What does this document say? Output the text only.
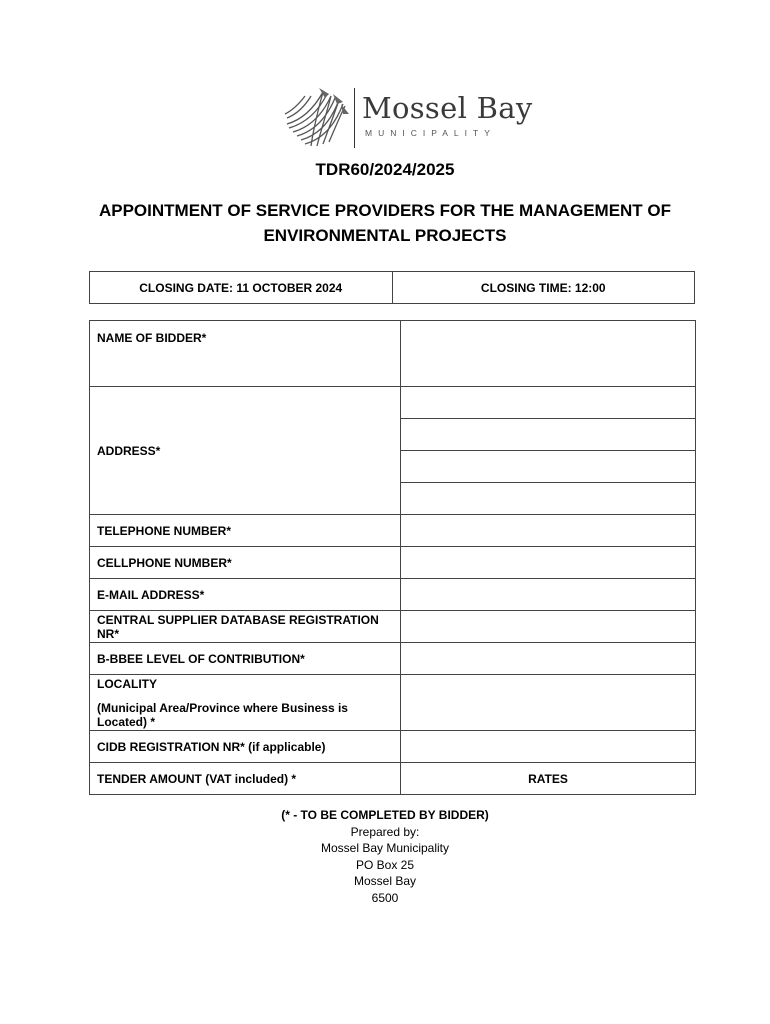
Mossel Bay
MUNICIPALITY
TDR60/2024/2025
APPOINTMENT OF SERVICE PROVIDERS FOR THE MANAGEMENT OF ENVIRONMENTAL PROJECTS
CLOSING DATE: 11 OCTOBER 2024	CLOSING TIME: 12:00
NAME OF BIDDER*	
ADDRESS*	

TELEPHONE NUMBER*	
CELLPHONE NUMBER*	
E-MAIL ADDRESS*	
CENTRAL SUPPLIER DATABASE REGISTRATION NR*	
B-BBEE LEVEL OF CONTRIBUTION*	
LOCALITY
(Municipal Area/Province where Business is Located) *	

CIDB REGISTRATION NR* (if applicable)	
TENDER AMOUNT (VAT included) *	RATES
(* - TO BE COMPLETED BY BIDDER)
Prepared by:
Mossel Bay Municipality
PO Box 25
Mossel Bay
6500
